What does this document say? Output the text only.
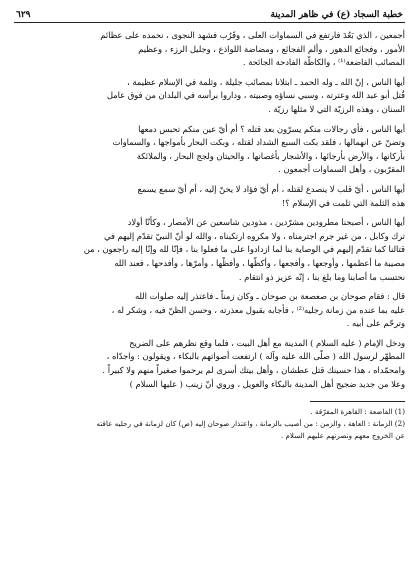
خطبة السجاد (ع) في ظاهر المدينة
٦٢٩

أجمعين ، الذي بَعُدَ فارتفع في السماوات العلى ، وقَرُب فشهد النجوى ، نحمده على عظائم
الأمور ، وفجائع الدهور ، وألم الفجائع ، ومضاضة اللواذع ، وجليل الرزء ، وعظيم
المصائب الفاضعة⁽¹⁾ ، والكاظّة الفادحة الجائحة .

أيها الناس ، إنّ الله ـ وله الحمد ـ ابتلانا بمصائب جليلة ، وثلمة في الإسلام عظيمة ،
قُتل أبو عبد الله وعترته ، وسبي نساؤه وصبيته ، وداروا برأسه في البلدان من فوق عامل
السنان ، وهذه الرزيّة التي لا مثلها رزيّة .

أيها الناس ، فأي رجالات منكم يسرّون بعد قتله ؟ أم أيّ عين منكم تحبس دمعها
وتضنّ عن انهمالها ، فلقد بكت السبع الشداد لقتله ، وبكت البحار بأمواجها ، والسماوات
بأركانها ، والأرض بأرجائها ، والأشجار بأغصانها ، والحيتان ولجج البحار ، والملائكة
المقرّبون ، وأهل السماوات أجمعون .

أيها الناس ، أيّ قلب لا ينصدع لقتله ، أم أيّ فؤاد لا يحنّ إليه ، أم أيّ سمع يسمع
هذه الثلمة التي ثلمت في الإسلام ؟!

أيها الناس ، أصبحنا مطرودين مشرّدين ، مذودين شاسعين عن الأمصار ، وكأنّا أولاد
ترك وكابل ، من غير جرم اجترمناه ، ولا مكروه ارتكبناه ، والله لو أنّ النبيّ تقدّم إليهم في
قتالنا كما تقدّم إليهم في الوصاية بنا لما ازدادوا على ما فعلوا بنا ، فإنّا لله وإنّا إليه راجعون ، من
مصيبة ما أعظمها ، وأوجعها ، وأفجعها ، وأكظّها ، وأفظّها ، وأمرّها ، وأفدحها ، فعند الله
نحتسب ما أصابنا وما بلغ بنا ، إنّه عزيز ذو انتقام .

قال : فقام صوحان بن صعصعة بن صوحان ـ وكان زمناً ـ فاعتذر إليه صلوات الله
عليه بما عنده من زمانة رجليه⁽²⁾ ، فأجابه بقبول معذرته ، وحسن الظنّ فيه ، وشكر له ،
وترحّم على أبيه .

ودخل الإمام ( عليه السلام ) المدينة مع أهل البيت ، فلما وقع نظرهم على الضريح
المطهّر لرسول الله ( صلّى الله عليه وآله ) ارتفعت أصواتهم بالبكاء ، ويقولون : واجدّاه ،
وامحمّداه ، هذا حسينك قتل عطشان ، وأهل بيتك أسرى لم يرحموا صغيراً منهم ولا كبيراً .
وعلا من جديد ضجيج أهل المدينة بالبكاء والعويل ، وروي أنّ زينب ( عليها السلام )

(1) الفاضعة : القاهرة المفرّقة .

(2) الزمانة : العاهة ، والزمن : من أصيب بالزمانة ، واعتذار صوحان إليه (ص) كان لزمانة في رجليه عاقته

عن الخروج معهم ونصرتهم عليهم السلام .
